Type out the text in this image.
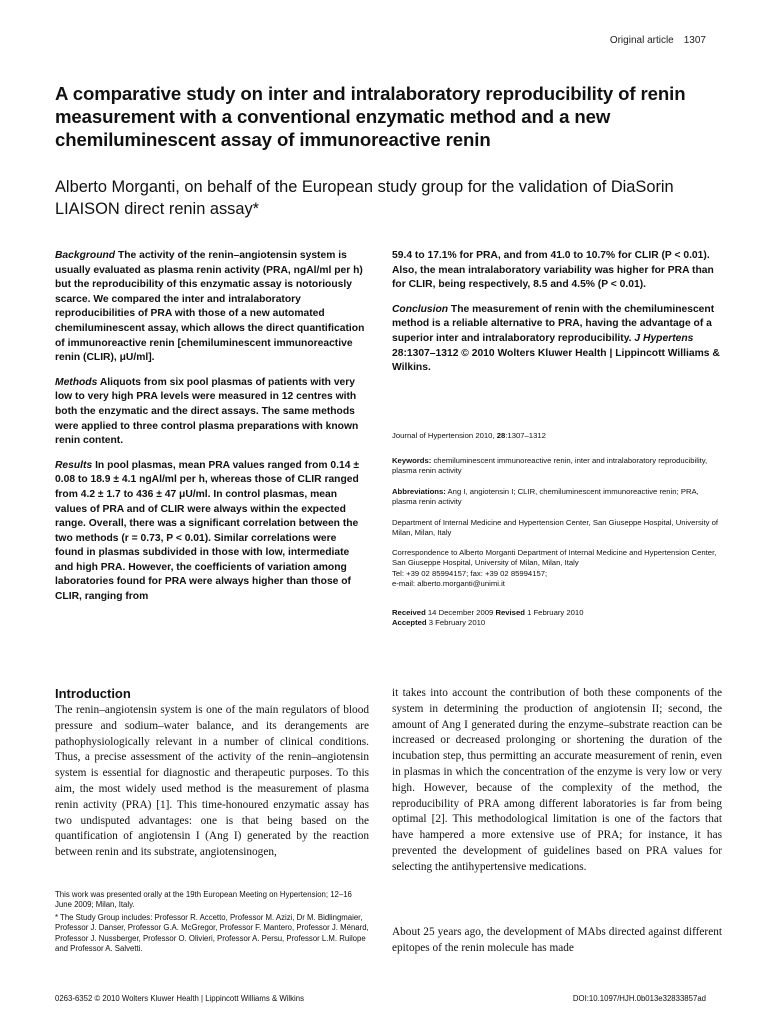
Original article 1307
A comparative study on inter and intralaboratory reproducibility of renin measurement with a conventional enzymatic method and a new chemiluminescent assay of immunoreactive renin

Alberto Morganti, on behalf of the European study group for the validation of DiaSorin LIAISON direct renin assay*

Background The activity of the renin–angiotensin system is usually evaluated as plasma renin activity (PRA, ngAl/ml per h) but the reproducibility of this enzymatic assay is notoriously scarce. We compared the inter and intralaboratory reproducibilities of PRA with those of a new automated chemiluminescent assay, which allows the direct quantification of immunoreactive renin [chemiluminescent immunoreactive renin (CLIR), μU/ml].

Methods Aliquots from six pool plasmas of patients with very low to very high PRA levels were measured in 12 centres with both the enzymatic and the direct assays. The same methods were applied to three control plasma preparations with known renin content.

Results In pool plasmas, mean PRA values ranged from 0.14 ± 0.08 to 18.9 ± 4.1 ngAl/ml per h, whereas those of CLIR ranged from 4.2 ± 1.7 to 436 ± 47 μU/ml. In control plasmas, mean values of PRA and of CLIR were always within the expected range. Overall, there was a significant correlation between the two methods (r = 0.73, P < 0.01). Similar correlations were found in plasmas subdivided in those with low, intermediate and high PRA. However, the coefficients of variation among laboratories found for PRA were always higher than those of CLIR, ranging from

59.4 to 17.1% for PRA, and from 41.0 to 10.7% for CLIR (P < 0.01). Also, the mean intralaboratory variability was higher for PRA than for CLIR, being respectively, 8.5 and 4.5% (P < 0.01).

Conclusion The measurement of renin with the chemiluminescent method is a reliable alternative to PRA, having the advantage of a superior inter and intralaboratory reproducibility. J Hypertens 28:1307–1312 © 2010 Wolters Kluwer Health | Lippincott Williams & Wilkins.

Journal of Hypertension 2010, 28:1307–1312

Keywords: chemiluminescent immunoreactive renin, inter and intralaboratory reproducibility, plasma renin activity

Abbreviations: Ang I, angiotensin I; CLIR, chemiluminescent immunoreactive renin; PRA, plasma renin activity

Department of Internal Medicine and Hypertension Center, San Giuseppe Hospital, University of Milan, Milan, Italy

Correspondence to Alberto Morganti Department of Internal Medicine and Hypertension Center, San Giuseppe Hospital, University of Milan, Milan, Italy
Tel: +39 02 85994157; fax: +39 02 85994157;
e-mail: alberto.morganti@unimi.it

Received 14 December 2009 Revised 1 February 2010
Accepted 3 February 2010

Introduction

The renin–angiotensin system is one of the main regulators of blood pressure and sodium–water balance, and its derangements are pathophysiologically relevant in a number of clinical conditions. Thus, a precise assessment of the activity of the renin–angiotensin system is essential for diagnostic and therapeutic purposes. To this aim, the most widely used method is the measurement of plasma renin activity (PRA) [1]. This time-honoured enzymatic assay has two undisputed advantages: one is that being based on the quantification of angiotensin I (Ang I) generated by the reaction between renin and its substrate, angiotensinogen,

it takes into account the contribution of both these components of the system in determining the production of angiotensin II; second, the amount of Ang I generated during the enzyme–substrate reaction can be increased or decreased prolonging or shortening the duration of the incubation step, thus permitting an accurate measurement of renin, even in plasmas in which the concentration of the enzyme is very low or very high. However, because of the complexity of the method, the reproducibility of PRA among different laboratories is far from being optimal [2]. This methodological limitation is one of the factors that have hampered a more extensive use of PRA; for instance, it has prevented the development of guidelines based on PRA values for selecting the antihypertensive medications.

About 25 years ago, the development of MAbs directed against different epitopes of the renin molecule has made

This work was presented orally at the 19th European Meeting on Hypertension; 12–16 June 2009; Milan, Italy.

* The Study Group includes: Professor R. Accetto, Professor M. Azizi, Dr M. Bidlingmaier, Professor J. Danser, Professor G.A. McGregor, Professor F. Mantero, Professor J. Ménard, Professor J. Nussberger, Professor O. Olivieri, Professor A. Persu, Professor L.M. Ruilope and Professor A. Salvetti.

0263-6352 © 2010 Wolters Kluwer Health | Lippincott Williams & Wilkins	DOI:10.1097/HJH.0b013e32833857ad
